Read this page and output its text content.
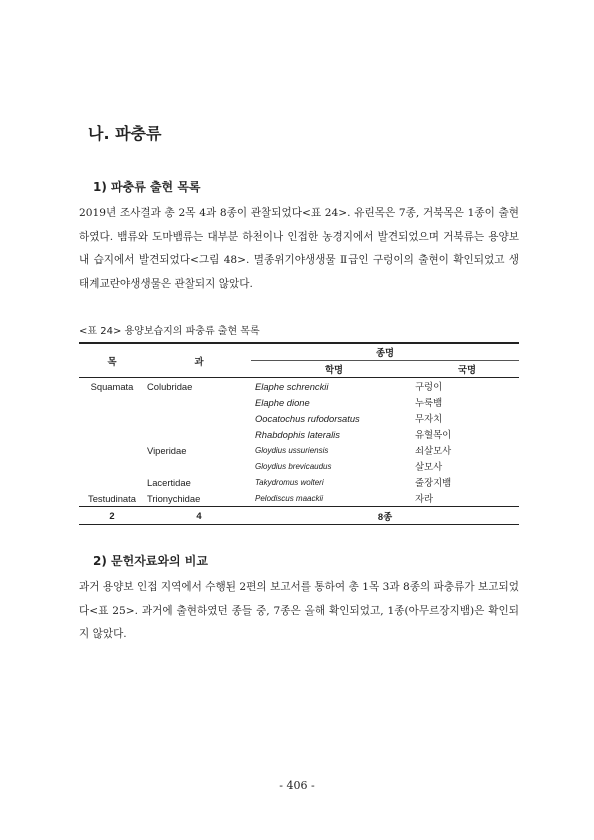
나. 파충류
1) 파충류 출현 목록

2019년 조사결과 총 2목 4과 8종이 관찰되었다<표 24>. 유린목은 7종, 거북목은 1종이 출현하였다. 뱀류와 도마뱀류는 대부분 하천이나 인접한 농경지에서 발견되었으며 거북류는 용양보 내 습지에서 발견되었다<그림 48>. 멸종위기야생생물 Ⅱ급인 구렁이의 출현이 확인되었고 생태계교란야생생물은 관찰되지 않았다.

<표 24> 용양보습지의 파충류 출현 목록
목	과	종명	
		학명	국명
Squamata	Colubridae	Elaphe schrenckii	구렁이
		Elaphe dione	누룩뱀
		Oocatochus rufodorsatus	무자치
		Rhabdophis lateralis	유혈목이
	Viperidae	Gloydius ussuriensis	쇠살모사
		Gloydius brevicaudus	살모사
	Lacertidae	Takydromus wolteri	줄장지뱀
Testudinata	Trionychidae	Pelodiscus maackii	자라
2	4	8종	
2) 문헌자료와의 비교

과거 용양보 인접 지역에서 수행된 2편의 보고서를 통하여 총 1목 3과 8종의 파충류가 보고되었다<표 25>. 과거에 출현하였던 종들 중, 7종은 올해 확인되었고, 1종(아무르장지뱀)은 확인되지 않았다.

- 406 -
